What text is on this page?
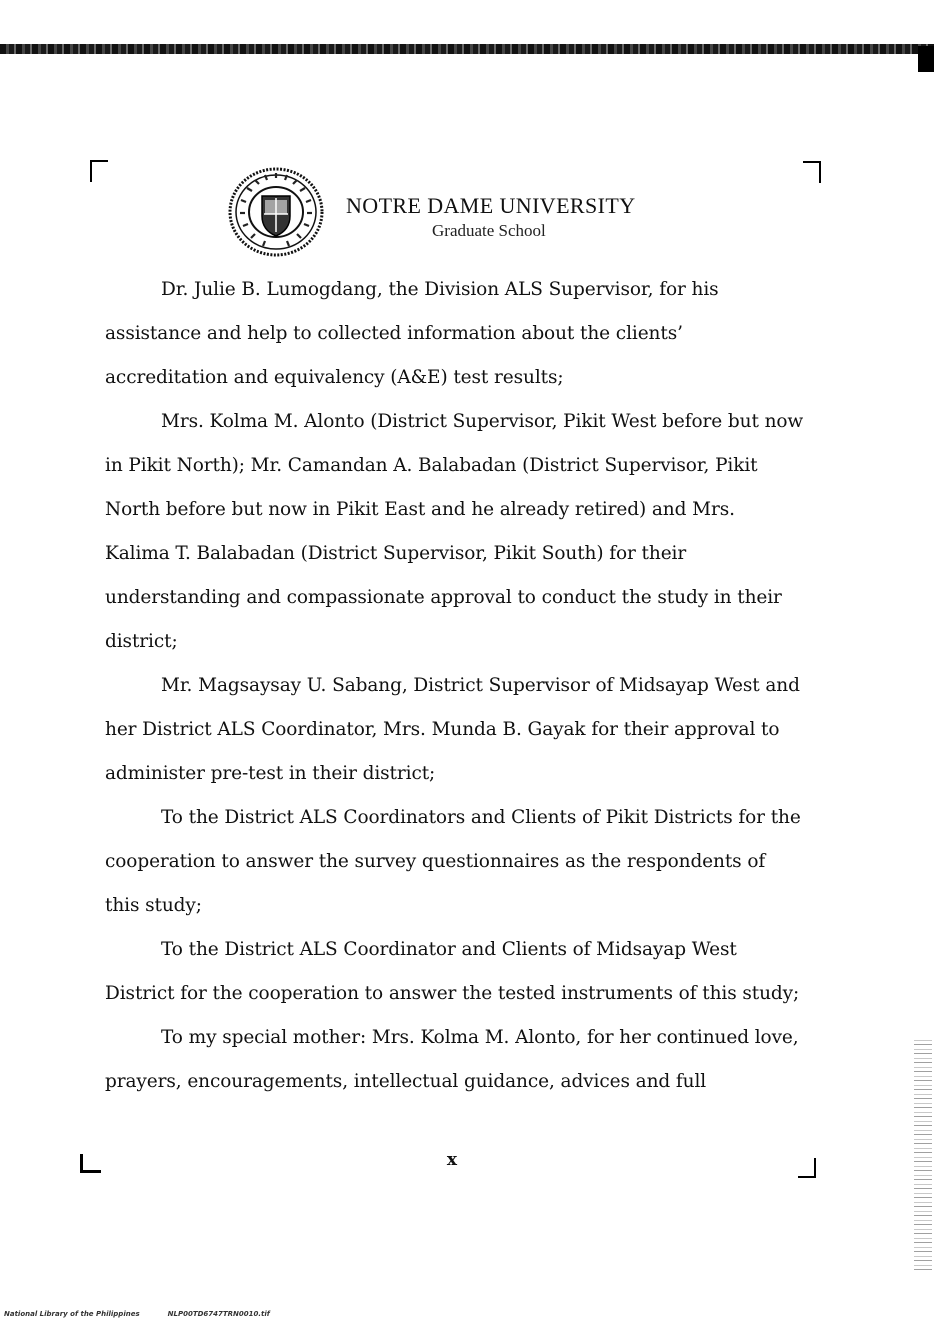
NOTRE DAME UNIVERSITY
Graduate School

Dr. Julie B. Lumogdang, the Division ALS Supervisor, for his assistance and help to collected information about the clients’ accreditation and equivalency (A&E) test results;

Mrs. Kolma M. Alonto (District Supervisor, Pikit West before but now in Pikit North); Mr. Camandan A. Balabadan (District Supervisor, Pikit North before but now in Pikit East and he already retired) and Mrs. Kalima T. Balabadan (District Supervisor, Pikit South) for their understanding and compassionate approval to conduct the study in their district;

Mr. Magsaysay U. Sabang, District Supervisor of Midsayap West and her District ALS Coordinator, Mrs. Munda B. Gayak for their approval to administer pre-test in their district;

To the District ALS Coordinators and Clients of Pikit Districts for the cooperation to answer the survey questionnaires as the respondents of this study;

To the District ALS Coordinator and Clients of Midsayap West District for the cooperation to answer the tested instruments of this study;

To my special mother: Mrs. Kolma M. Alonto, for her continued love, prayers, encouragements, intellectual guidance, advices and full

x
National Library of the Philippines	NLP00TD6747TRN0010.tif
